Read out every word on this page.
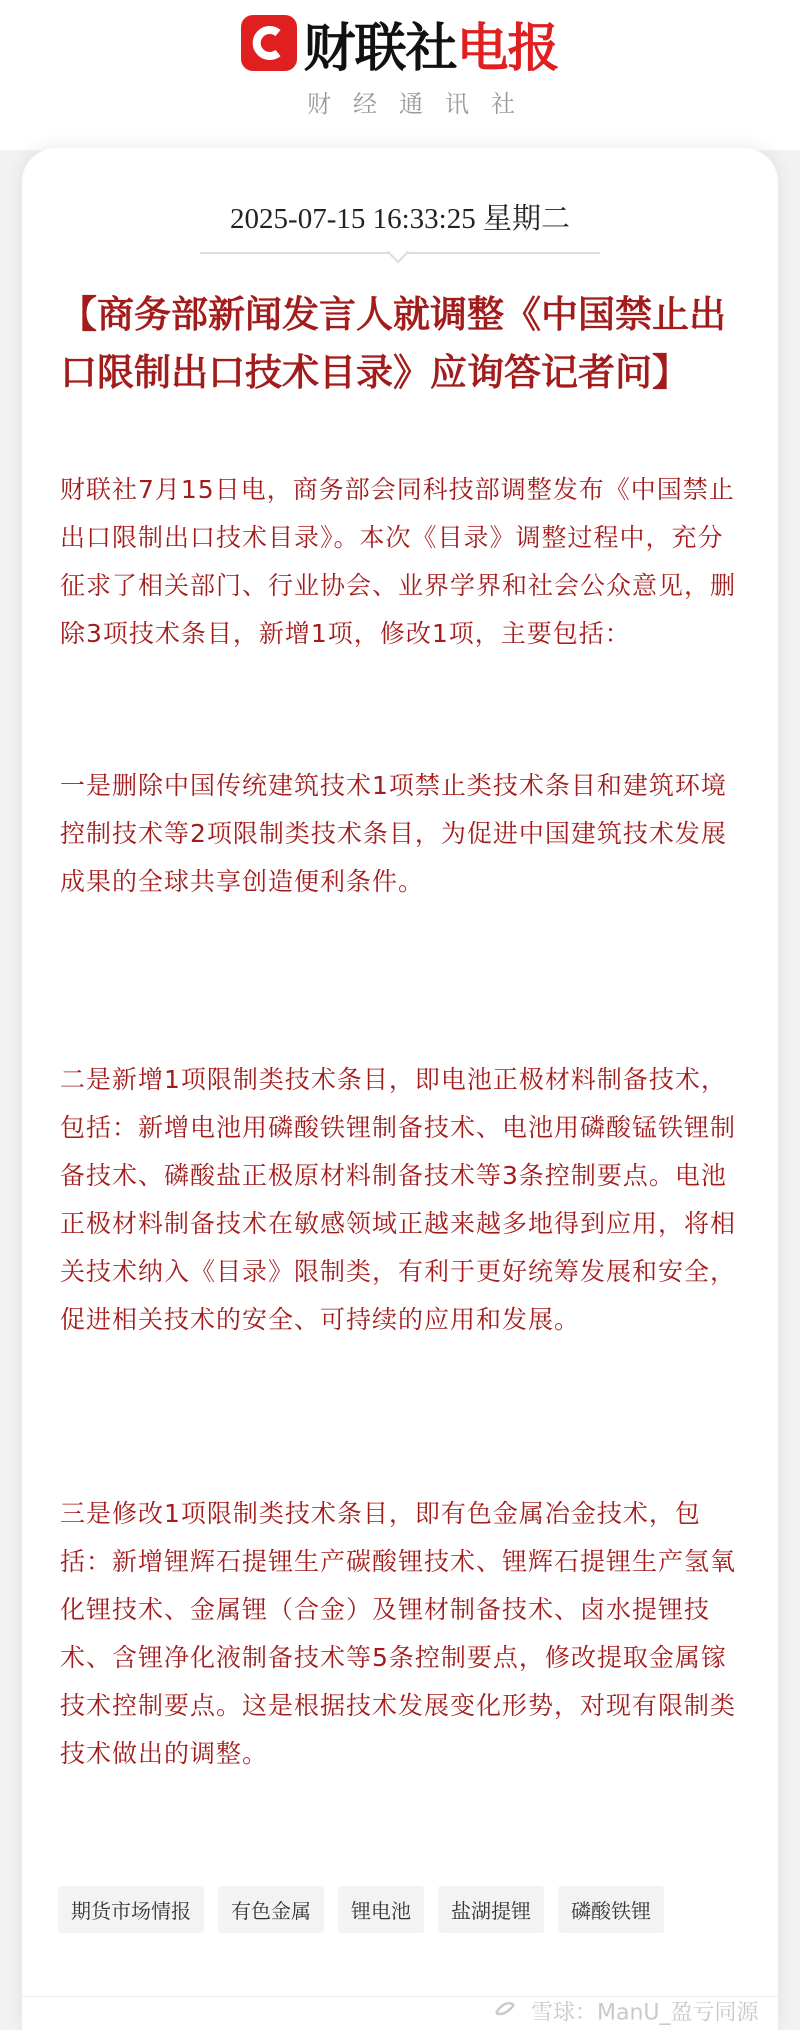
财联社 电报
财经通讯社
2025-07-15 16:33:25 星期二
【商务部新闻发言人就调整《中国禁止出口限制出口技术目录》应询答记者问】
财联社7月15日电，商务部会同科技部调整发布《中国禁止出口限制出口技术目录》。本次《目录》调整过程中，充分征求了相关部门、行业协会、业界学界和社会公众意见，删除3项技术条目，新增1项，修改1项，主要包括：
一是删除中国传统建筑技术1项禁止类技术条目和建筑环境控制技术等2项限制类技术条目，为促进中国建筑技术发展成果的全球共享创造便利条件。
二是新增1项限制类技术条目，即电池正极材料制备技术，包括：新增电池用磷酸铁锂制备技术、电池用磷酸锰铁锂制备技术、磷酸盐正极原材料制备技术等3条控制要点。电池正极材料制备技术在敏感领域正越来越多地得到应用，将相关技术纳入《目录》限制类，有利于更好统筹发展和安全，促进相关技术的安全、可持续的应用和发展。
三是修改1项限制类技术条目，即有色金属冶金技术，包括：新增锂辉石提锂生产碳酸锂技术、锂辉石提锂生产氢氧化锂技术、金属锂（合金）及锂材制备技术、卤水提锂技术、含锂净化液制备技术等5条控制要点，修改提取金属镓技术控制要点。这是根据技术发展变化形势，对现有限制类技术做出的调整。
期货市场情报	有色金属	锂电池	盐湖提锂	磷酸铁锂
雪球：ManU_盈亏同源
